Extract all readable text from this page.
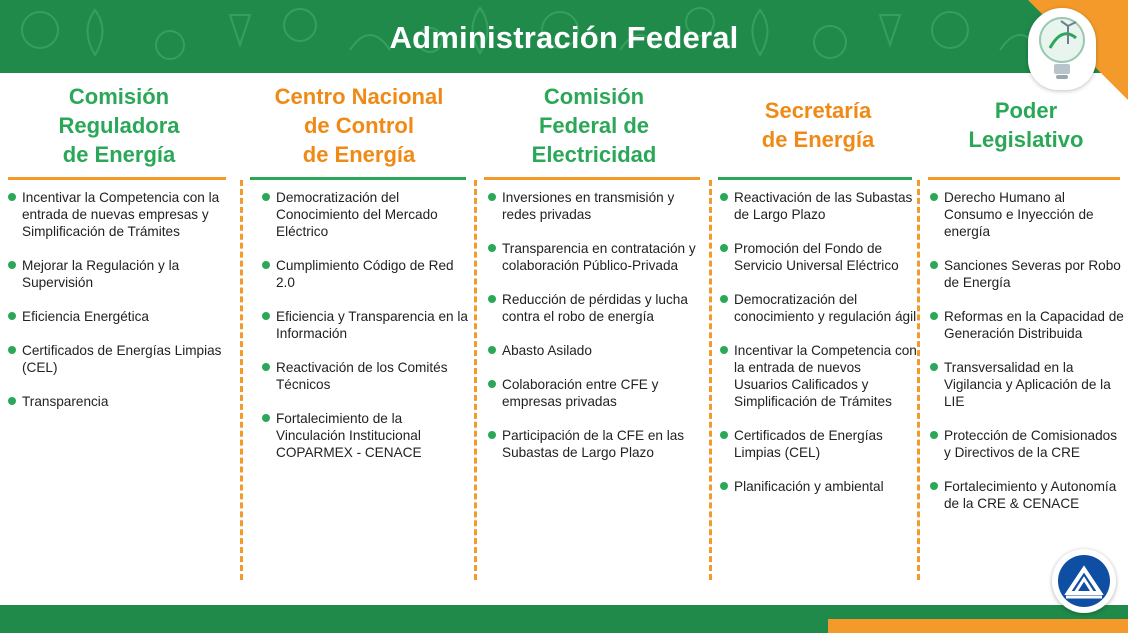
Administración Federal
Comisión
Reguladora
de Energía
Incentivar la Competencia con la entrada de nuevas empresas y Simplificación de Trámites
Mejorar la Regulación y la Supervisión
Eficiencia Energética
Certificados de Energías Limpias (CEL)
Transparencia
Centro Nacional
de Control
de Energía
Democratización del Conocimiento del Mercado Eléctrico
Cumplimiento Código de Red 2.0
Eficiencia y Transparencia en la Información
Reactivación de los Comités Técnicos
Fortalecimiento de la Vinculación Institucional COPARMEX - CENACE
Comisión
Federal de
Electricidad
Inversiones en transmisión y redes privadas
Transparencia en contratación y colaboración Público-Privada
Reducción de pérdidas y lucha contra el robo de energía
Abasto Asilado
Colaboración entre CFE y empresas privadas
Participación de la CFE en las Subastas de Largo Plazo
Secretaría
de Energía
Reactivación de las Subastas de Largo Plazo
Promoción del Fondo de Servicio Universal Eléctrico
Democratización del conocimiento y regulación ágil
Incentivar la Competencia con la entrada de nuevos Usuarios Calificados y Simplificación de Trámites
Certificados de Energías Limpias (CEL)
Planificación y ambiental
Poder
Legislativo
Derecho Humano al Consumo e Inyección de energía
Sanciones Severas por Robo de Energía
Reformas en la Capacidad de Generación Distribuida
Transversalidad en la Vigilancia y Aplicación de la LIE
Protección de Comisionados y Directivos de la CRE
Fortalecimiento y Autonomía de la CRE & CENACE
